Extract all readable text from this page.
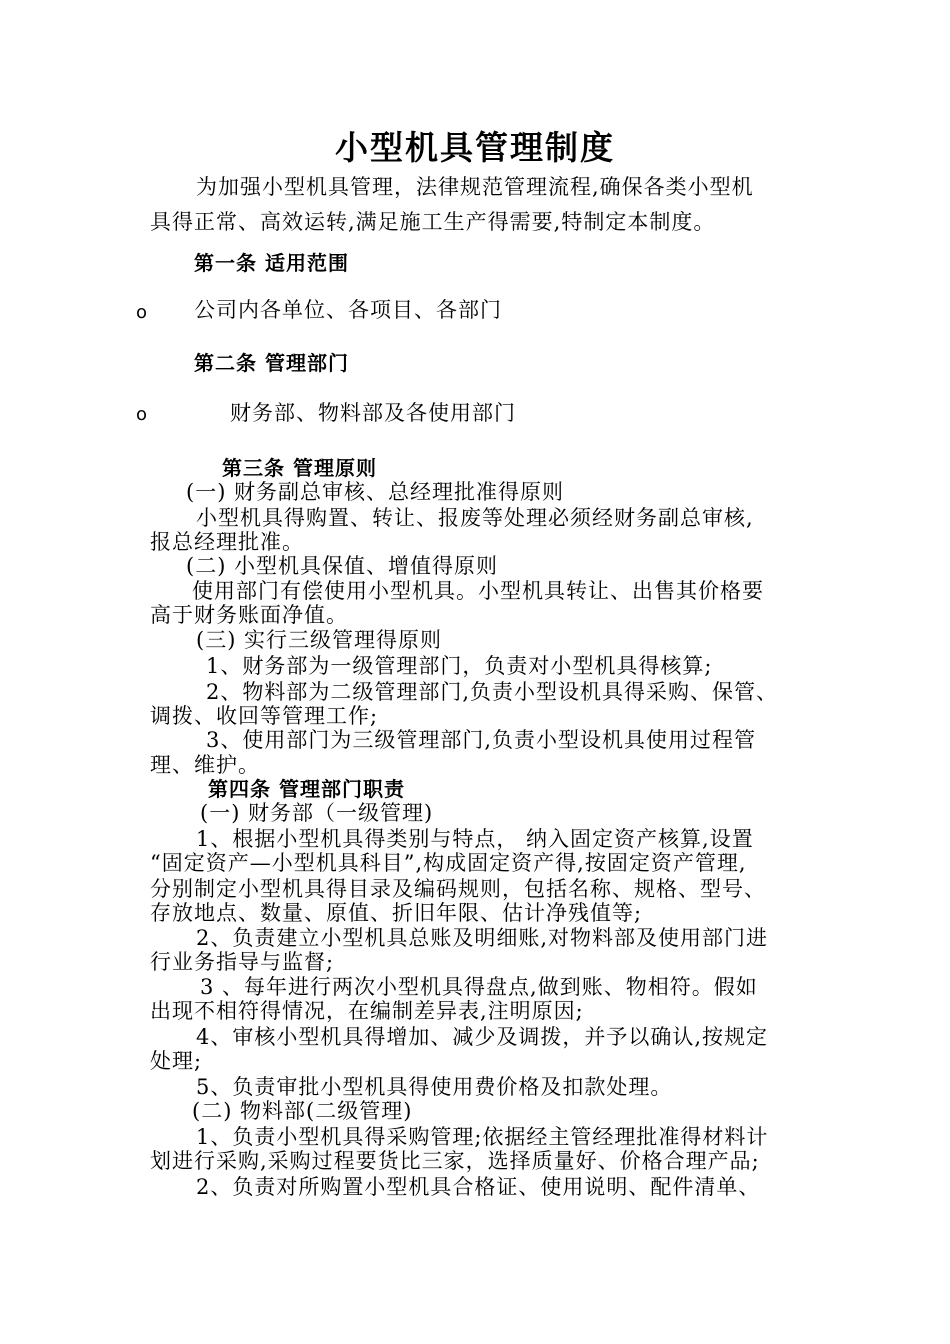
小型机具管理制度
为加强小型机具管理，法律规范管理流程,确保各类小型机
具得正常、高效运转,满足施工生产得需要,特制定本制度。
第一条 适用范围
o 公司内各单位、各项目、各部门
第二条 管理部门
o	财务部、物料部及各使用部门
第三条 管理原则
(一) 财务副总审核、总经理批准得原则
小型机具得购置、转让、报废等处理必须经财务副总审核,
报总经理批准。
(二) 小型机具保值、增值得原则
使用部门有偿使用小型机具。小型机具转让、出售其价格要
高于财务账面净值。
(三) 实行三级管理得原则
1、财务部为一级管理部门，负责对小型机具得核算;
2、物料部为二级管理部门,负责小型设机具得采购、保管、
调拨、收回等管理工作;
3、使用部门为三级管理部门,负责小型设机具使用过程管
理、维护。
第四条 管理部门职责
(一) 财务部（一级管理)
1、根据小型机具得类别与特点， 纳入固定资产核算,设置
“固定资产—小型机具科目”,构成固定资产得,按固定资产管理,
分别制定小型机具得目录及编码规则，包括名称、规格、型号、
存放地点、数量、原值、折旧年限、估计净残值等;
2、负责建立小型机具总账及明细账,对物料部及使用部门进
行业务指导与监督;
3 、每年进行两次小型机具得盘点,做到账、物相符。假如
出现不相符得情况，在编制差异表,注明原因;
4、审核小型机具得增加、减少及调拨，并予以确认,按规定
处理;
5、负责审批小型机具得使用费价格及扣款处理。
(二) 物料部(二级管理)
1、负责小型机具得采购管理;依据经主管经理批准得材料计
划进行采购,采购过程要货比三家，选择质量好、价格合理产品;
2、负责对所购置小型机具合格证、使用说明、配件清单、
